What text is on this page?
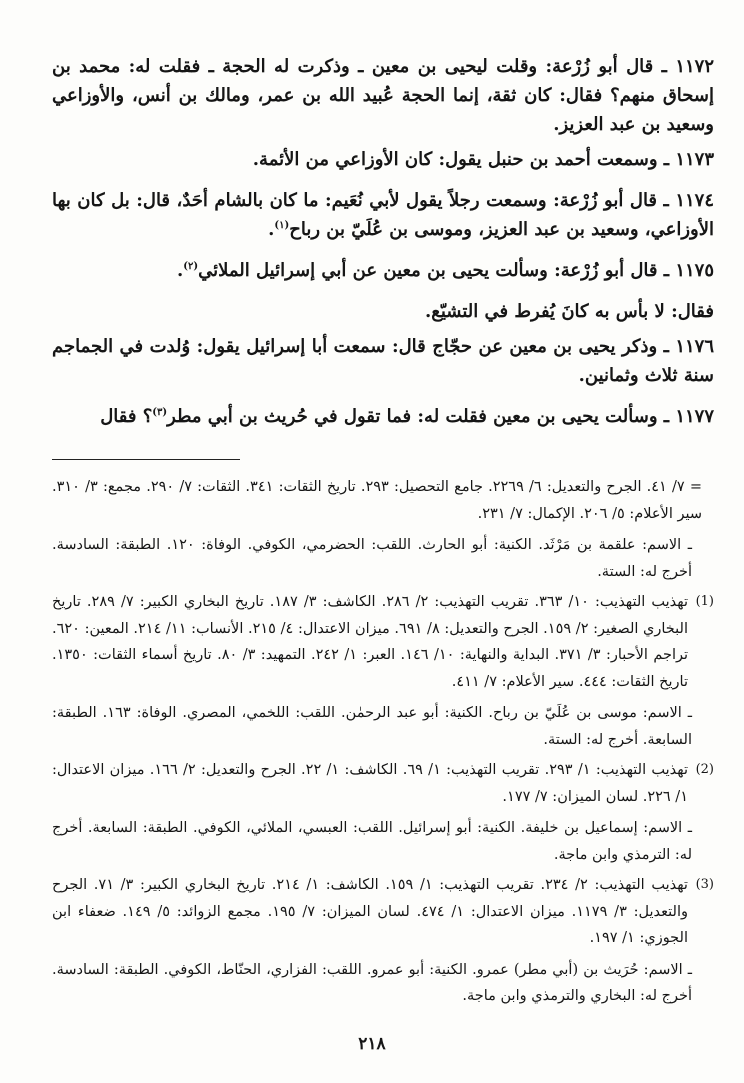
١١٧٢ ـ قال أبو زُرْعة: وقلت ليحيى بن معين ـ وذكرت له الحجة ـ فقلت له: محمد بن إسحاق منهم؟ فقال: كان ثقة، إنما الحجة عُبيد الله بن عمر، ومالك بن أنس، والأوزاعي وسعيد بن عبد العزيز.

١١٧٣ ـ وسمعت أحمد بن حنبل يقول: كان الأوزاعي من الأئمة.

١١٧٤ ـ قال أبو زُرْعة: وسمعت رجلاً يقول لأبي نُعَيم: ما كان بالشام أحَدٌ، قال: بل كان بها الأوزاعي، وسعيد بن عبد العزيز، وموسى بن عُلَيّ بن رباح$^{(١)}$.

١١٧٥ ـ قال أبو زُرْعة: وسألت يحيى بن معين عن أبي إسرائيل الملائي$^{(٢)}$.

فقال: لا بأس به كانَ يُفرط في التشيّع.

١١٧٦ ـ وذكر يحيى بن معين عن حجّاج قال: سمعت أبا إسرائيل يقول: وُلدت في الجماجم سنة ثلاث وثمانين.

١١٧٧ ـ وسألت يحيى بن معين فقلت له: فما تقول في حُريث بن أبي مطر$^{(٣)}$؟ فقال

= ٧/ ٤١. الجرح والتعديل: ٦/ ٢٢٦٩. جامع التحصيل: ٢٩٣. تاريخ الثقات: ٣٤١. الثقات: ٧/ ٢٩٠. مجمع: ٣/ ٣١٠. سير الأعلام: ٥/ ٢٠٦. الإكمال: ٧/ ٢٣١.

ـ الاسم: علقمة بن مَرْثَد. الكنية: أبو الحارث. اللقب: الحضرمي، الكوفي. الوفاة: ١٢٠. الطبقة: السادسة. أخرج له: الستة.

(1)
تهذيب التهذيب: ١٠/ ٣٦٣. تقريب التهذيب: ٢/ ٢٨٦. الكاشف: ٣/ ١٨٧. تاريخ البخاري الكبير: ٧/ ٢٨٩. تاريخ البخاري الصغير: ٢/ ١٥٩. الجرح والتعديل: ٨/ ٦٩١. ميزان الاعتدال: ٤/ ٢١٥. الأنساب: ١١/ ٢١٤. المعين: ٦٢٠. تراجم الأحبار: ٣/ ٣٧١. البداية والنهاية: ١٠/ ١٤٦. العبر: ١/ ٢٤٢. التمهيد: ٣/ ٨٠. تاريخ أسماء الثقات: ١٣٥٠. تاريخ الثقات: ٤٤٤. سير الأعلام: ٧/ ٤١١.

ـ الاسم: موسى بن عُلَيّ بن رباح. الكنية: أبو عبد الرحمٰن. اللقب: اللخمي، المصري. الوفاة: ١٦٣. الطبقة: السابعة. أخرج له: الستة.

(2)
تهذيب التهذيب: ١/ ٢٩٣. تقريب التهذيب: ١/ ٦٩. الكاشف: ١/ ٢٢. الجرح والتعديل: ٢/ ١٦٦. ميزان الاعتدال: ١/ ٢٢٦. لسان الميزان: ٧/ ١٧٧.

ـ الاسم: إسماعيل بن خليفة. الكنية: أبو إسرائيل. اللقب: العبسي، الملائي، الكوفي. الطبقة: السابعة. أخرج له: الترمذي وابن ماجة.

(3)
تهذيب التهذيب: ٢/ ٢٣٤. تقريب التهذيب: ١/ ١٥٩. الكاشف: ١/ ٢١٤. تاريخ البخاري الكبير: ٣/ ٧١. الجرح والتعديل: ٣/ ١١٧٩. ميزان الاعتدال: ١/ ٤٧٤. لسان الميزان: ٧/ ١٩٥. مجمع الزوائد: ٥/ ١٤٩. ضعفاء ابن الجوزي: ١/ ١٩٧.

ـ الاسم: حُرَيث بن (أبي مطر) عمرو. الكنية: أبو عمرو. اللقب: الفزاري، الحنّاط، الكوفي. الطبقة: السادسة. أخرج له: البخاري والترمذي وابن ماجة.

٢١٨
